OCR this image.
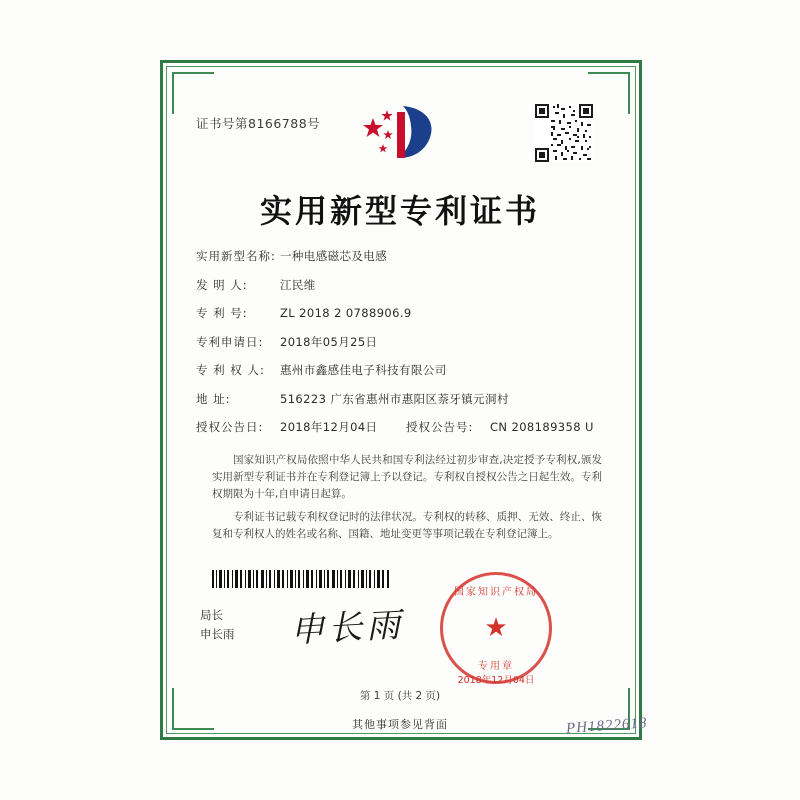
证书号第8166788号
实用新型专利证书
实用新型名称: 一种电感磁芯及电感
发 明 人:	江民维
专 利 号:	ZL 2018 2 0788906.9
专利申请日:	2018年05月25日
专 利 权 人:	惠州市鑫感佳电子科技有限公司
地 址:	516223 广东省惠州市惠阳区萘牙镇元洞村
授权公告日:	2018年12月04日	授权公告号:	CN 208189358 U

国家知识产权局依照中华人民共和国专利法经过初步审查,决定授予专利权,颁发实用新型专利证书并在专利登记簿上予以登记。专利权自授权公告之日起生效。专利权期限为十年,自申请日起算。

专利证书记载专利权登记时的法律状况。专利权的转移、质押、无效、终止、恢复和专利权人的姓名或名称、国籍、地址变更等事项记载在专利登记簿上。

局长
申长雨 申长雨
国家知识产权局
★
专用章
2018年12月04日
第 1 页 (共 2 页)
其他事项参见背面	PH1822618
